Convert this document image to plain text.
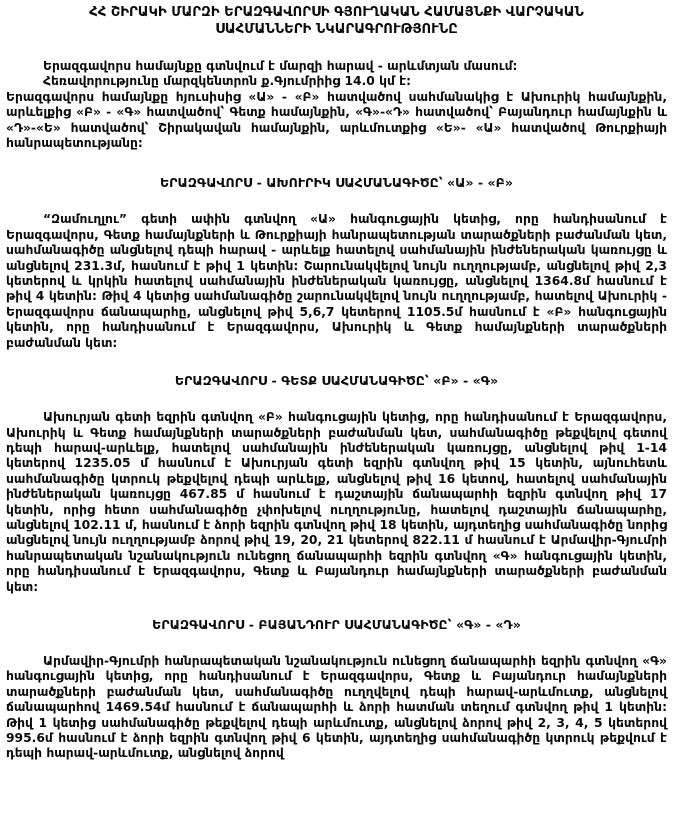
ՀՀ ՇԻՐԱԿԻ ՄԱՐԶԻ ԵՐԱԶԳԱՎՈՐՍԻ ԳՅՈՒՂԱԿԱՆ ՀԱՄԱՅՆՔԻ ՎԱՐՉԱԿԱՆ
ՍԱՀՄԱՆՆԵՐԻ ՆԿԱՐԱԳՐՈՒԹՅՈՒՆԸ

Երազգավորս համայնքը գտնվում է մարզի հարավ - արևմտյան մասում:

Հեռավորությունը մարզկենտրոն ք.Գյումրիից 14.0 կմ է:

Երազգավորս համայնքը հյուսիսից «Ա» - «Բ» հատվածով սահմանակից է Ախուրիկ համայնքին, արևելքից «Բ» - «Գ» հատվածով՝ Գետք համայնքին, «Գ»-«Դ» հատվածով՝ Բայանդուր համայնքին և «Դ»-«Ե» հատվածով՝ Շիրակավան համայնքին, արևմուտքից «Ե»- «Ա» հատվածով Թուրքիայի հանրապետությանը:

ԵՐԱԶԳԱՎՈՐՍ - ԱԽՈՒՐԻԿ ՍԱՀՄԱՆԱԳԻԾԸ՝ «Ա» - «Բ»

“Զամուղլու” գետի ափին գտնվող «Ա» հանգուցային կետից, որը հանդիսանում է Երազգավորս, Գետք համայնքների և Թուրքիայի հանրապետության տարածքների բաժանման կետ, սահմանագիծը անցնելով դեպի հարավ - արևելք հատելով սահմանային ինժեներական կառույցը և անցնելով 231.3մ, հասնում է թիվ 1 կետին: Շարունակվելով նույն ուղղությամբ, անցնելով թիվ 2,3 կետերով և կրկին հատելով սահմանային ինժեներական կառույցը, անցնելով 1364.8մ հասնում է թիվ 4 կետին: Թիվ 4 կետից սահմանագիծը շարունակվելով նույն ուղղությամբ, հատելով Ախուրիկ - Երազգավորս ճանապարհը, անցնելով թիվ 5,6,7 կետերով 1105.5մ հասնում է «Բ» հանգուցային կետին, որը հանդիսանում է Երազգավորս, Ախուրիկ և Գետք համայնքների տարածքների բաժանման կետ:

ԵՐԱԶԳԱՎՈՐՍ - ԳԵՏՔ ՍԱՀՄԱՆԱԳԻԾԸ՝ «Բ» - «Գ»

Ախուրյան գետի եզրին գտնվող «Բ» հանգուցային կետից, որը հանդիսանում է Երազգավորս, Ախուրիկ և Գետք համայնքների տարածքների բաժանման կետ, սահմանագիծը թեքվելով գետով դեպի հարավ-արևելք, հատելով սահմանային ինժեներական կառույցը, անցնելով թիվ 1-14 կետերով 1235.05 մ հասնում է Ախուրյան գետի եզրին գտնվող թիվ 15 կետին, այնուհետև սահմանագիծը կտրուկ թեքվելով դեպի արևելք, անցնելով թիվ 16 կետով, հատելով սահմանային ինժեներական կառույցը 467.85 մ հասնում է դաշտային ճանապարհի եզրին գտնվող թիվ 17 կետին, որից հետո սահմանագիծը չփոխելով ուղղությունը, հատելով դաշտային ճանապարհը, անցնելով 102.11 մ, հասնում է ձորի եզրին գտնվող թիվ 18 կետին, այդտեղից սահմանագիծը նորից անցնելով նույն ուղղությամբ ձորով թիվ 19, 20, 21 կետերով 822.11 մ հասնում է Արմավիր-Գյումրի հանրապետական նշանակություն ունեցող ճանապարհի եզրին գտնվող «Գ» հանգուցային կետին, որը հանդիսանում է Երազգավորս, Գետք և Բայանդուր համայնքների տարածքների բաժանման կետ:

ԵՐԱԶԳԱՎՈՐՍ - ԲԱՅԱՆԴՈՒՐ ՍԱՀՄԱՆԱԳԻԾԸ՝ «Գ» - «Դ»

Արմավիր-Գյումրի հանրապետական նշանակություն ունեցող ճանապարհի եզրին գտնվող «Գ» հանգուցային կետից, որը հանդիսանում է Երազգավորս, Գետք և Բայանդուր համայնքների տարածքների բաժանման կետ, սահմանագիծը ուղղվելով դեպի հարավ-արևմուտք, անցնելով ճանապարհով 1469.54մ հասնում է ճանապարհի և ձորի հատման տեղում գտնվող թիվ 1 կետին: Թիվ 1 կետից սահմանագիծը թեքվելով դեպի արևմուտք, անցնելով ձորով թիվ 2, 3, 4, 5 կետերով 995.6մ հասնում է ձորի եզրին գտնվող թիվ 6 կետին, այդտեղից սահմանագիծը կտրուկ թեքվում է դեպի հարավ-արևմուտք, անցնելով ձորով
